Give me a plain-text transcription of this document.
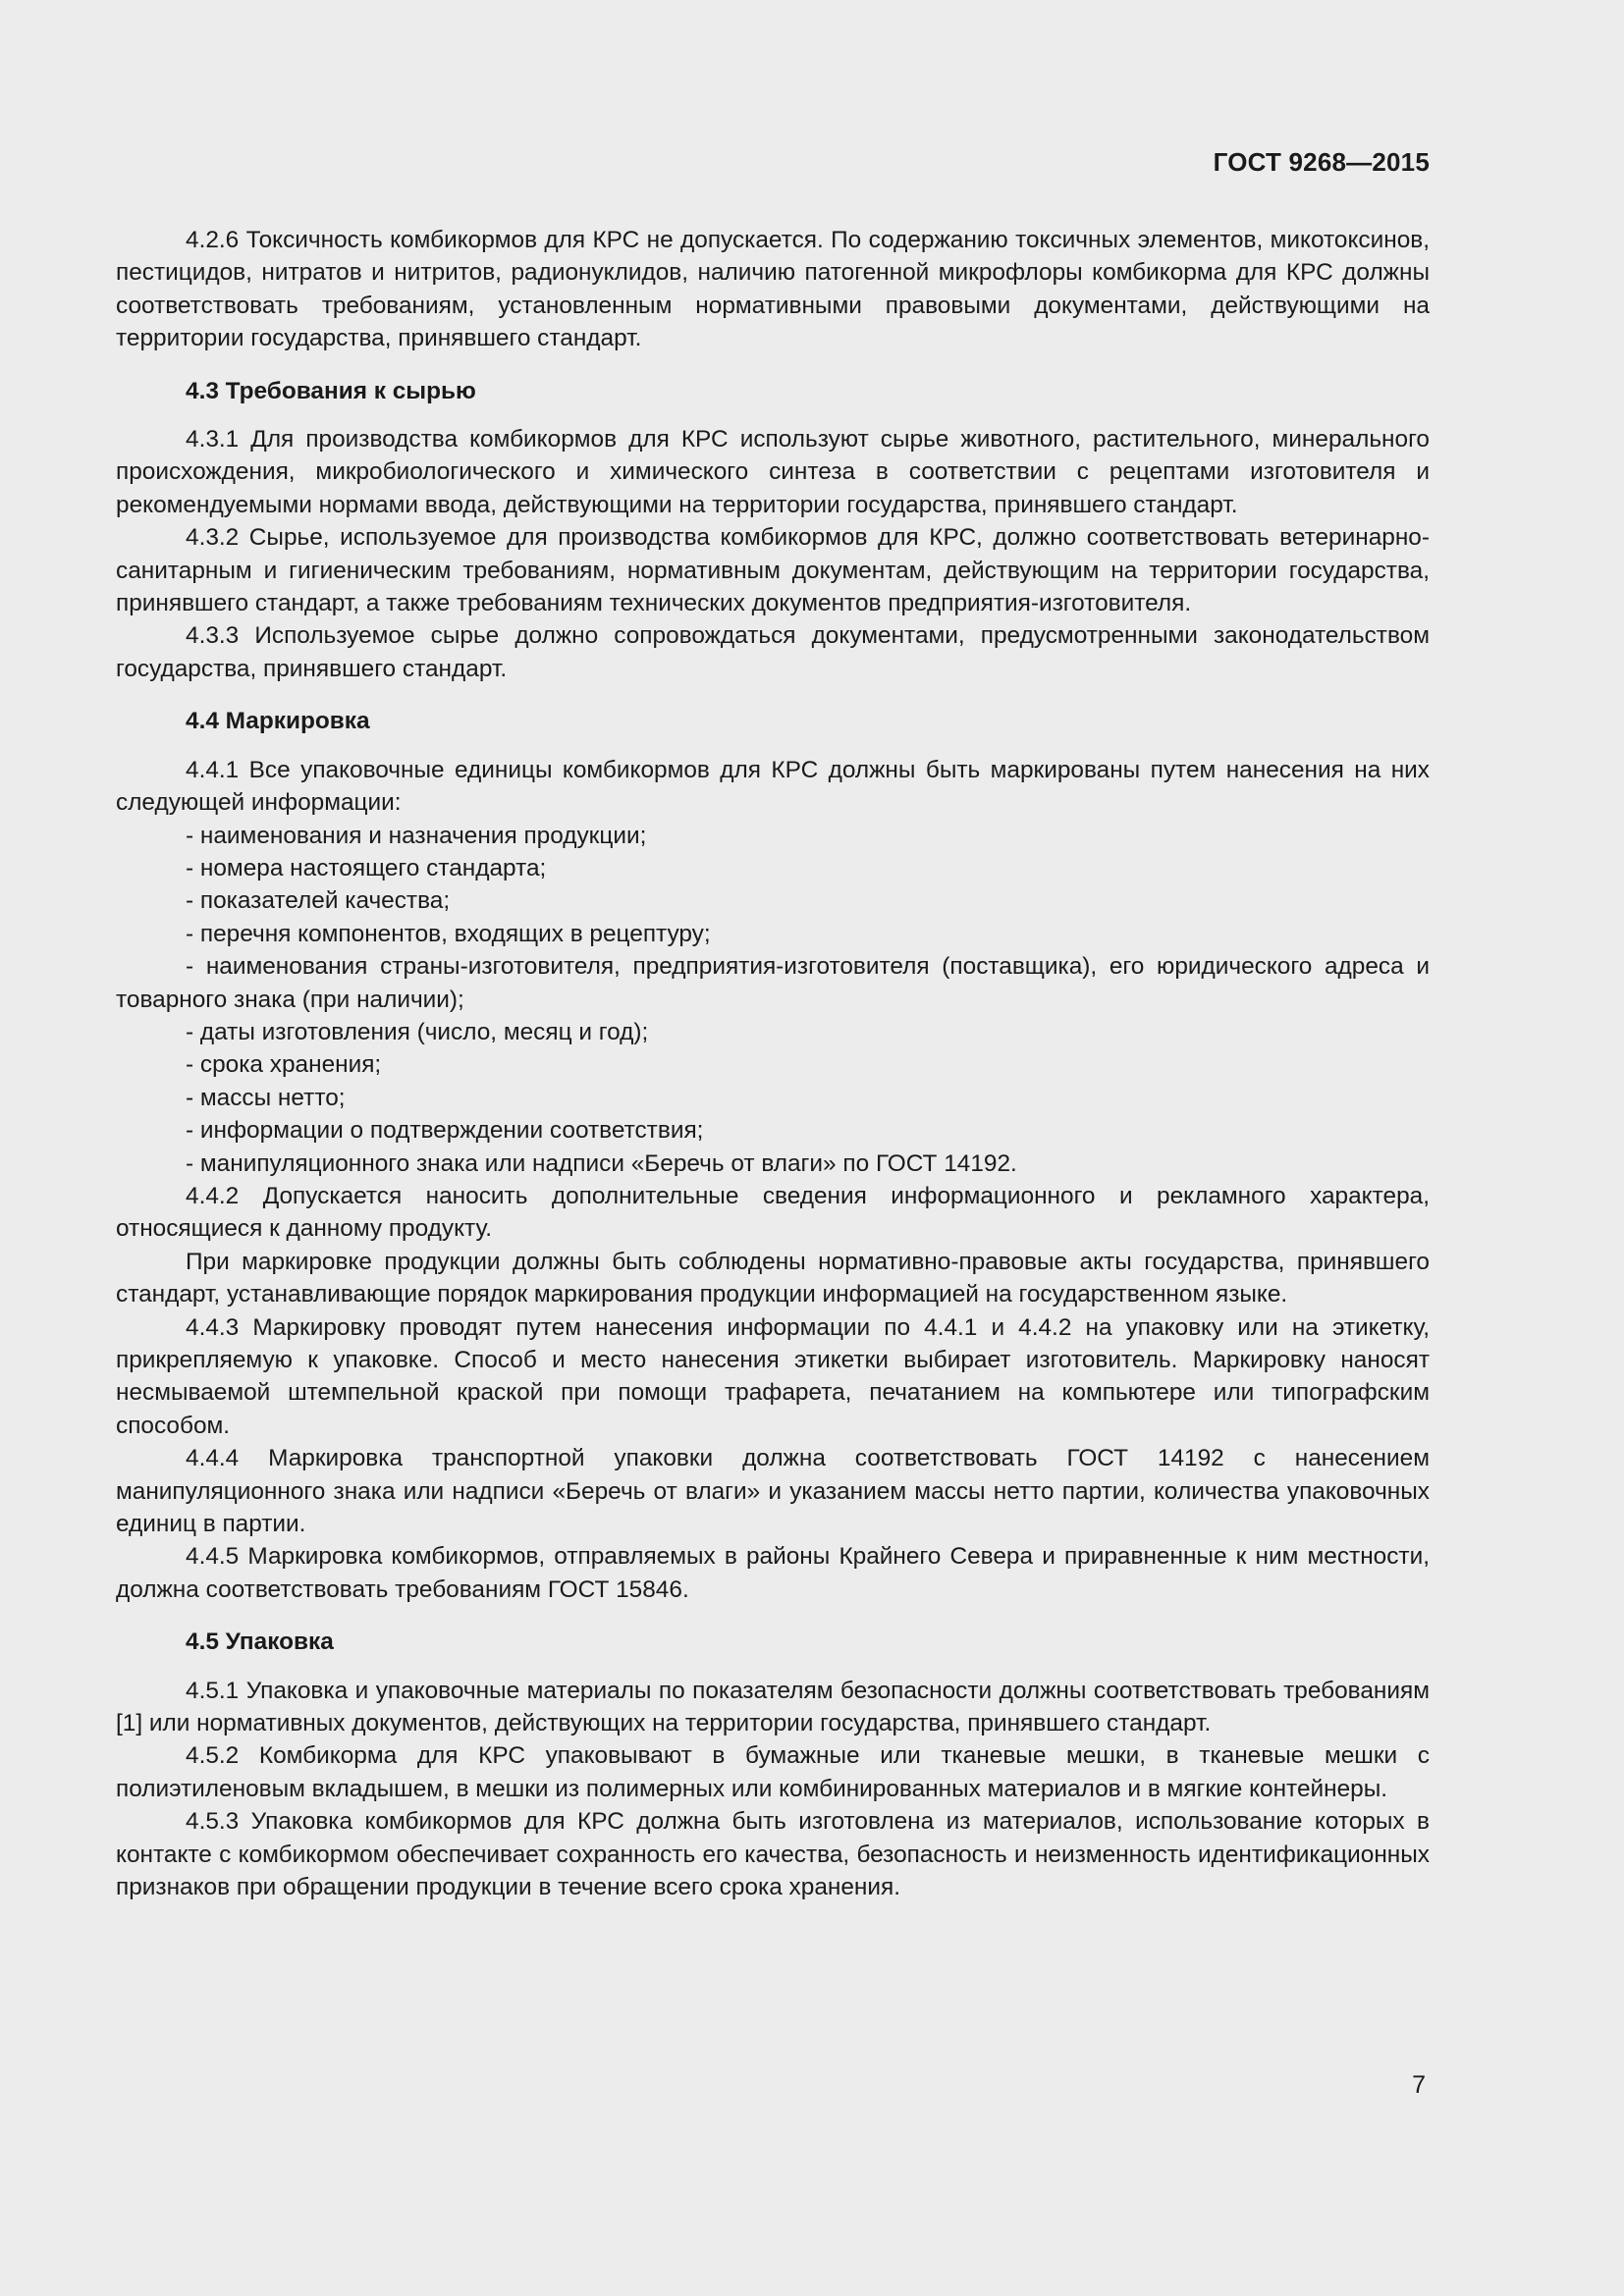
ГОСТ 9268—2015

4.2.6 Токсичность комбикормов для КРС не допускается. По содержанию токсичных элементов, микотоксинов, пестицидов, нитратов и нитритов, радионуклидов, наличию патогенной микрофлоры комбикорма для КРС должны соответствовать требованиям, установленным нормативными правовыми документами, действующими на территории государства, принявшего стандарт.

4.3 Требования к сырью

4.3.1 Для производства комбикормов для КРС используют сырье животного, растительного, минерального происхождения, микробиологического и химического синтеза в соответствии с рецептами изготовителя и рекомендуемыми нормами ввода, действующими на территории государства, принявшего стандарт.

4.3.2 Сырье, используемое для производства комбикормов для КРС, должно соответствовать ветеринарно-санитарным и гигиеническим требованиям, нормативным документам, действующим на территории государства, принявшего стандарт, а также требованиям технических документов предприятия-изготовителя.

4.3.3 Используемое сырье должно сопровождаться документами, предусмотренными законодательством государства, принявшего стандарт.

4.4 Маркировка

4.4.1 Все упаковочные единицы комбикормов для КРС должны быть маркированы путем нанесения на них следующей информации:

- наименования и назначения продукции;

- номера настоящего стандарта;

- показателей качества;

- перечня компонентов, входящих в рецептуру;

- наименования страны-изготовителя, предприятия-изготовителя (поставщика), его юридического адреса и товарного знака (при наличии);

- даты изготовления (число, месяц и год);

- срока хранения;

- массы нетто;

- информации о подтверждении соответствия;

- манипуляционного знака или надписи «Беречь от влаги» по ГОСТ 14192.

4.4.2 Допускается наносить дополнительные сведения информационного и рекламного характера, относящиеся к данному продукту.

При маркировке продукции должны быть соблюдены нормативно-правовые акты государства, принявшего стандарт, устанавливающие порядок маркирования продукции информацией на государственном языке.

4.4.3 Маркировку проводят путем нанесения информации по 4.4.1 и 4.4.2 на упаковку или на этикетку, прикрепляемую к упаковке. Способ и место нанесения этикетки выбирает изготовитель. Маркировку наносят несмываемой штемпельной краской при помощи трафарета, печатанием на компьютере или типографским способом.

4.4.4 Маркировка транспортной упаковки должна соответствовать ГОСТ 14192 с нанесением манипуляционного знака или надписи «Беречь от влаги» и указанием массы нетто партии, количества упаковочных единиц в партии.

4.4.5 Маркировка комбикормов, отправляемых в районы Крайнего Севера и приравненные к ним местности, должна соответствовать требованиям ГОСТ 15846.

4.5 Упаковка

4.5.1 Упаковка и упаковочные материалы по показателям безопасности должны соответствовать требованиям [1] или нормативных документов, действующих на территории государства, принявшего стандарт.

4.5.2 Комбикорма для КРС упаковывают в бумажные или тканевые мешки, в тканевые мешки с полиэтиленовым вкладышем, в мешки из полимерных или комбинированных материалов и в мягкие контейнеры.

4.5.3 Упаковка комбикормов для КРС должна быть изготовлена из материалов, использование которых в контакте с комбикормом обеспечивает сохранность его качества, безопасность и неизменность идентификационных признаков при обращении продукции в течение всего срока хранения.

7
